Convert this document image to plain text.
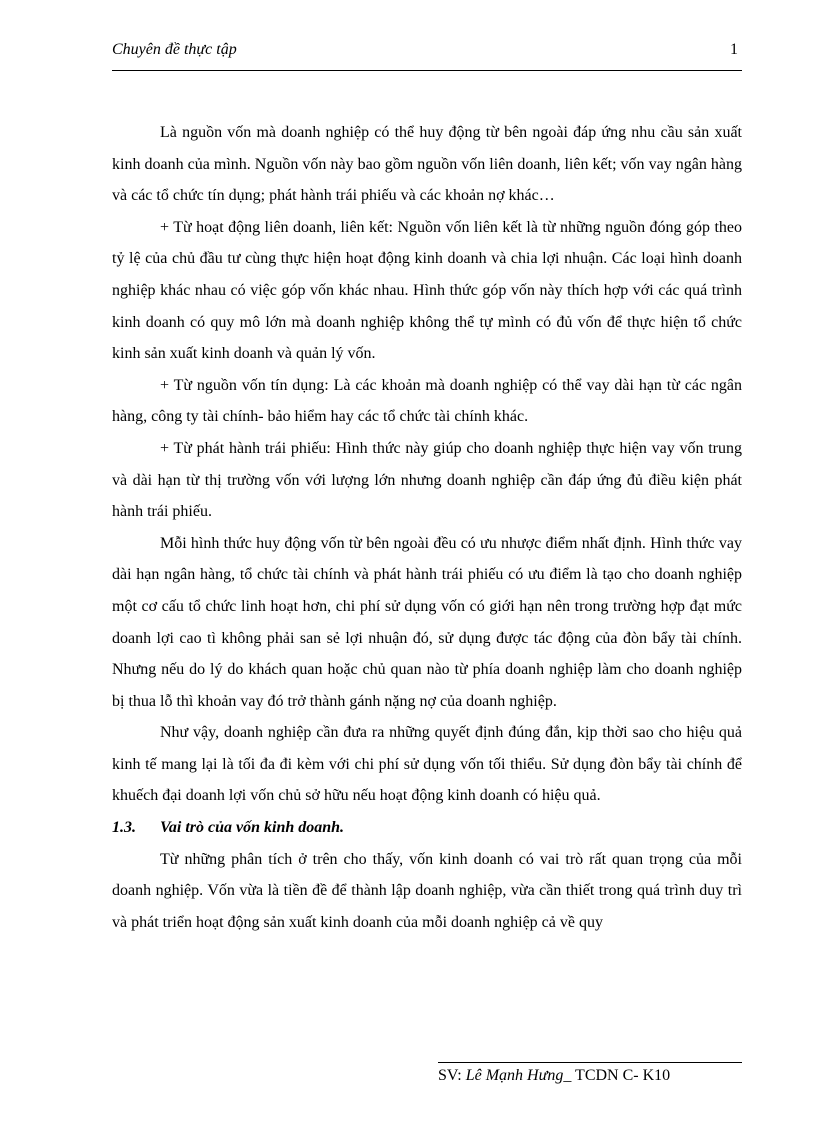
Chuyên đề thực tập	1

Là nguồn vốn mà doanh nghiệp có thể huy động từ bên ngoài đáp ứng nhu cầu sản xuất kinh doanh của mình. Nguồn vốn này bao gồm nguồn vốn liên doanh, liên kết; vốn vay ngân hàng và các tổ chức tín dụng; phát hành trái phiếu và các khoản nợ khác…

+ Từ hoạt động liên doanh, liên kết: Nguồn vốn liên kết là từ những nguồn đóng góp theo tỷ lệ của chủ đầu tư cùng thực hiện hoạt động kinh doanh và chia lợi nhuận. Các loại hình doanh nghiệp khác nhau có việc góp vốn khác nhau. Hình thức góp vốn này thích hợp với các quá trình kinh doanh có quy mô lớn mà doanh nghiệp không thể tự mình có đủ vốn để thực hiện tổ chức kinh sản xuất kinh doanh và quản lý vốn.

+ Từ nguồn vốn tín dụng: Là các khoản mà doanh nghiệp có thể vay dài hạn từ các ngân hàng, công ty tài chính- bảo hiểm hay các tổ chức tài chính khác.

+ Từ phát hành trái phiếu: Hình thức này giúp cho doanh nghiệp thực hiện vay vốn trung và dài hạn từ thị trường vốn với lượng lớn nhưng doanh nghiệp cần đáp ứng đủ điều kiện phát hành trái phiếu.

Mỗi hình thức huy động vốn từ bên ngoài đều có ưu nhược điểm nhất định. Hình thức vay dài hạn ngân hàng, tổ chức tài chính và phát hành trái phiếu có ưu điểm là tạo cho doanh nghiệp một cơ cấu tổ chức linh hoạt hơn, chi phí sử dụng vốn có giới hạn nên trong trường hợp đạt mức doanh lợi cao tì không phải san sẻ lợi nhuận đó, sử dụng được tác động của đòn bẩy tài chính. Nhưng nếu do lý do khách quan hoặc chủ quan nào từ phía doanh nghiệp làm cho doanh nghiệp bị thua lỗ thì khoản vay đó trở thành gánh nặng nợ của doanh nghiệp.

Như vậy, doanh nghiệp cần đưa ra những quyết định đúng đắn, kịp thời sao cho hiệu quả kinh tế mang lại là tối đa đi kèm với chi phí sử dụng vốn tối thiểu. Sử dụng đòn bẩy tài chính để khuếch đại doanh lợi vốn chủ sở hữu nếu hoạt động kinh doanh có hiệu quả.

1.3. Vai trò của vốn kinh doanh.

Từ những phân tích ở trên cho thấy, vốn kinh doanh có vai trò rất quan trọng của mỗi doanh nghiệp. Vốn vừa là tiền đề để thành lập doanh nghiệp, vừa cần thiết trong quá trình duy trì và phát triển hoạt động sản xuất kinh doanh của mỗi doanh nghiệp cả về quy

SV: Lê Mạnh Hưng_ TCDN C- K10
